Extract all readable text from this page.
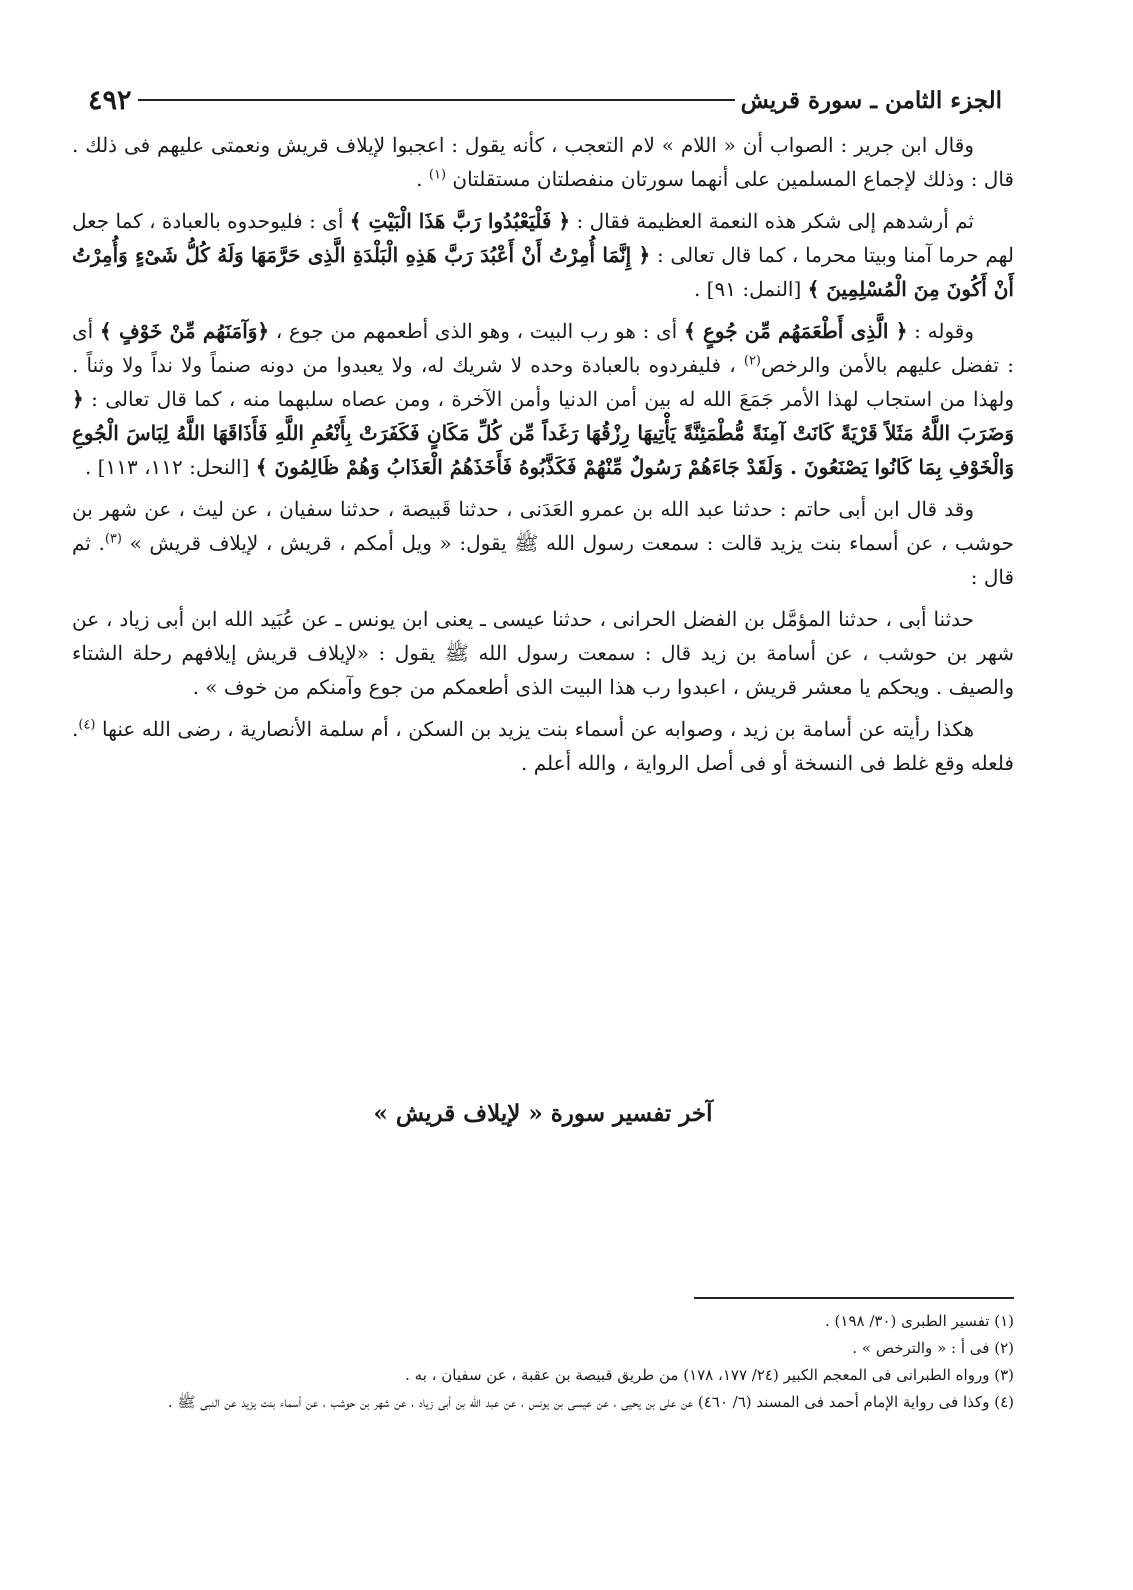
٤٩٢	الجزء الثامن ـ سورة قريش

وقال ابن جرير : الصواب أن « اللام » لام التعجب ، كأنه يقول : اعجبوا لإيلاف قريش ونعمتى عليهم فى ذلك . قال : وذلك لإجماع المسلمين على أنهما سورتان منفصلتان مستقلتان $^{(١)}$ .

ثم أرشدهم إلى شكر هذه النعمة العظيمة فقال : ﴿ فَلْيَعْبُدُوا رَبَّ هَذَا الْبَيْتِ ﴾ أى : فليوحدوه بالعبادة ، كما جعل لهم حرما آمنا وبيتا محرما ، كما قال تعالى : ﴿ إِنَّمَا أُمِرْتُ أَنْ أَعْبُدَ رَبَّ هَذِهِ الْبَلْدَةِ الَّذِى حَرَّمَهَا وَلَهُ كُلُّ شَىْءٍ وَأُمِرْتُ أَنْ أَكُونَ مِنَ الْمُسْلِمِينَ ﴾ [النمل: ٩١] .

وقوله : ﴿ الَّذِى أَطْعَمَهُم مِّن جُوعٍ ﴾ أى : هو رب البيت ، وهو الذى أطعمهم من جوع ، ﴿وَآمَنَهُم مِّنْ خَوْفٍ ﴾ أى : تفضل عليهم بالأمن والرخص$^{(٢)}$ ، فليفردوه بالعبادة وحده لا شريك له، ولا يعبدوا من دونه صنماً ولا نداً ولا وثناً . ولهذا من استجاب لهذا الأمر جَمَعَ الله له بين أمن الدنيا وأمن الآخرة ، ومن عصاه سلبهما منه ، كما قال تعالى : ﴿ وَضَرَبَ اللَّهُ مَثَلاً قَرْيَةً كَانَتْ آمِنَةً مُّطْمَئِنَّةً يَأْتِيهَا رِزْقُهَا رَغَداً مِّن كُلِّ مَكَانٍ فَكَفَرَتْ بِأَنْعُمِ اللَّهِ فَأَذَاقَهَا اللَّهُ لِبَاسَ الْجُوعِ وَالْخَوْفِ بِمَا كَانُوا يَصْنَعُونَ . وَلَقَدْ جَاءَهُمْ رَسُولٌ مِّنْهُمْ فَكَذَّبُوهُ فَأَخَذَهُمُ الْعَذَابُ وَهُمْ ظَالِمُونَ ﴾ [النحل: ١١٢، ١١٣] .

وقد قال ابن أبى حاتم : حدثنا عبد الله بن عمرو العَدَنى ، حدثنا قَبيصة ، حدثنا سفيان ، عن ليث ، عن شهر بن حوشب ، عن أسماء بنت يزيد قالت : سمعت رسول الله ﷺ يقول: « ويل أمكم ، قريش ، لإيلاف قريش » $^{(٣)}$. ثم قال :

حدثنا أبى ، حدثنا المؤمَّل بن الفضل الحرانى ، حدثنا عيسى ـ يعنى ابن يونس ـ عن عُبَيد الله ابن أبى زياد ، عن شهر بن حوشب ، عن أسامة بن زيد قال : سمعت رسول الله ﷺ يقول : «لإيلاف قريش إيلافهم رحلة الشتاء والصيف . ويحكم يا معشر قريش ، اعبدوا رب هذا البيت الذى أطعمكم من جوع وآمنكم من خوف » .

هكذا رأيته عن أسامة بن زيد ، وصوابه عن أسماء بنت يزيد بن السكن ، أم سلمة الأنصارية ، رضى الله عنها $^{(٤)}$. فلعله وقع غلط فى النسخة أو فى أصل الرواية ، والله أعلم .

آخر تفسير سورة « لإيلاف قريش »
(١) تفسير الطبرى (٣٠/ ١٩٨) .
(٢) فى أ : « والترخص » .
(٣) ورواه الطبرانى فى المعجم الكبير (٢٤/ ١٧٧، ١٧٨) من طريق قبيصة بن عقبة ، عن سفيان ، به .
(٤) وكذا فى رواية الإمام أحمد فى المسند (٦/ ٤٦٠) عن على بن يحيى ، عن عيسى بن يونس ، عن عبد الله بن أبى زياد ، عن شهر بن حوشب ، عن أسماء بنت يزيد عن النبى ﷺ .
